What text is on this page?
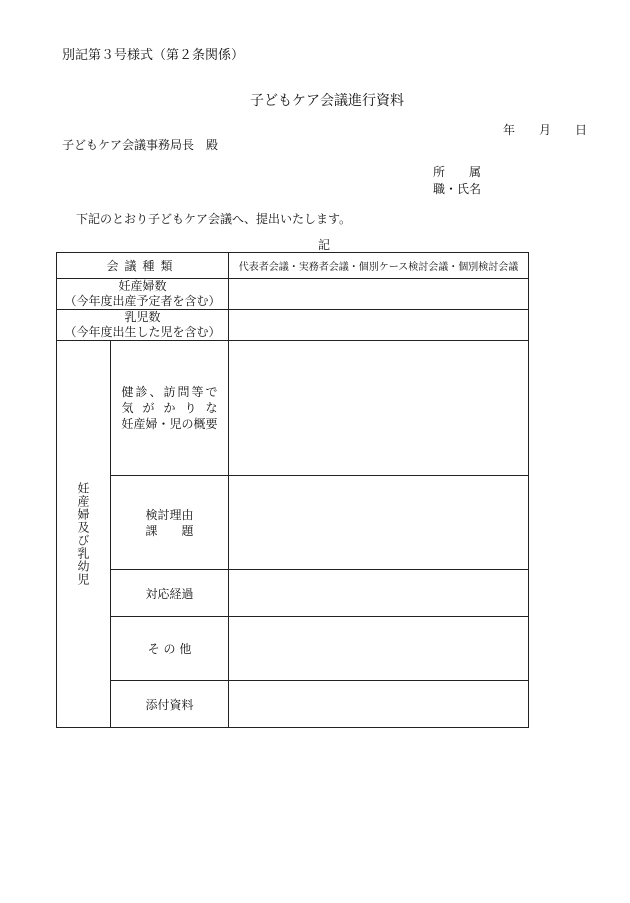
別記第３号様式（第２条関係）
子どもケア会議進行資料
年 月 日
子どもケア会議事務局長　殿
所　　属
職・氏名
下記のとおり子どもケア会議へ、提出いたします。
記
会議種類		代表者会議・実務者会議・個別ケース検討会議・個別検討会議

妊産婦数
（今年度出産予定者を含む）		

乳児数
（今年度出生した児を含む）		

妊産婦及び乳幼児	健診、訪問等で
気がかりな
妊産婦・児の概要	

	検討理由
課　　題	

	対応経過	
	そ の 他	
	添付資料	
